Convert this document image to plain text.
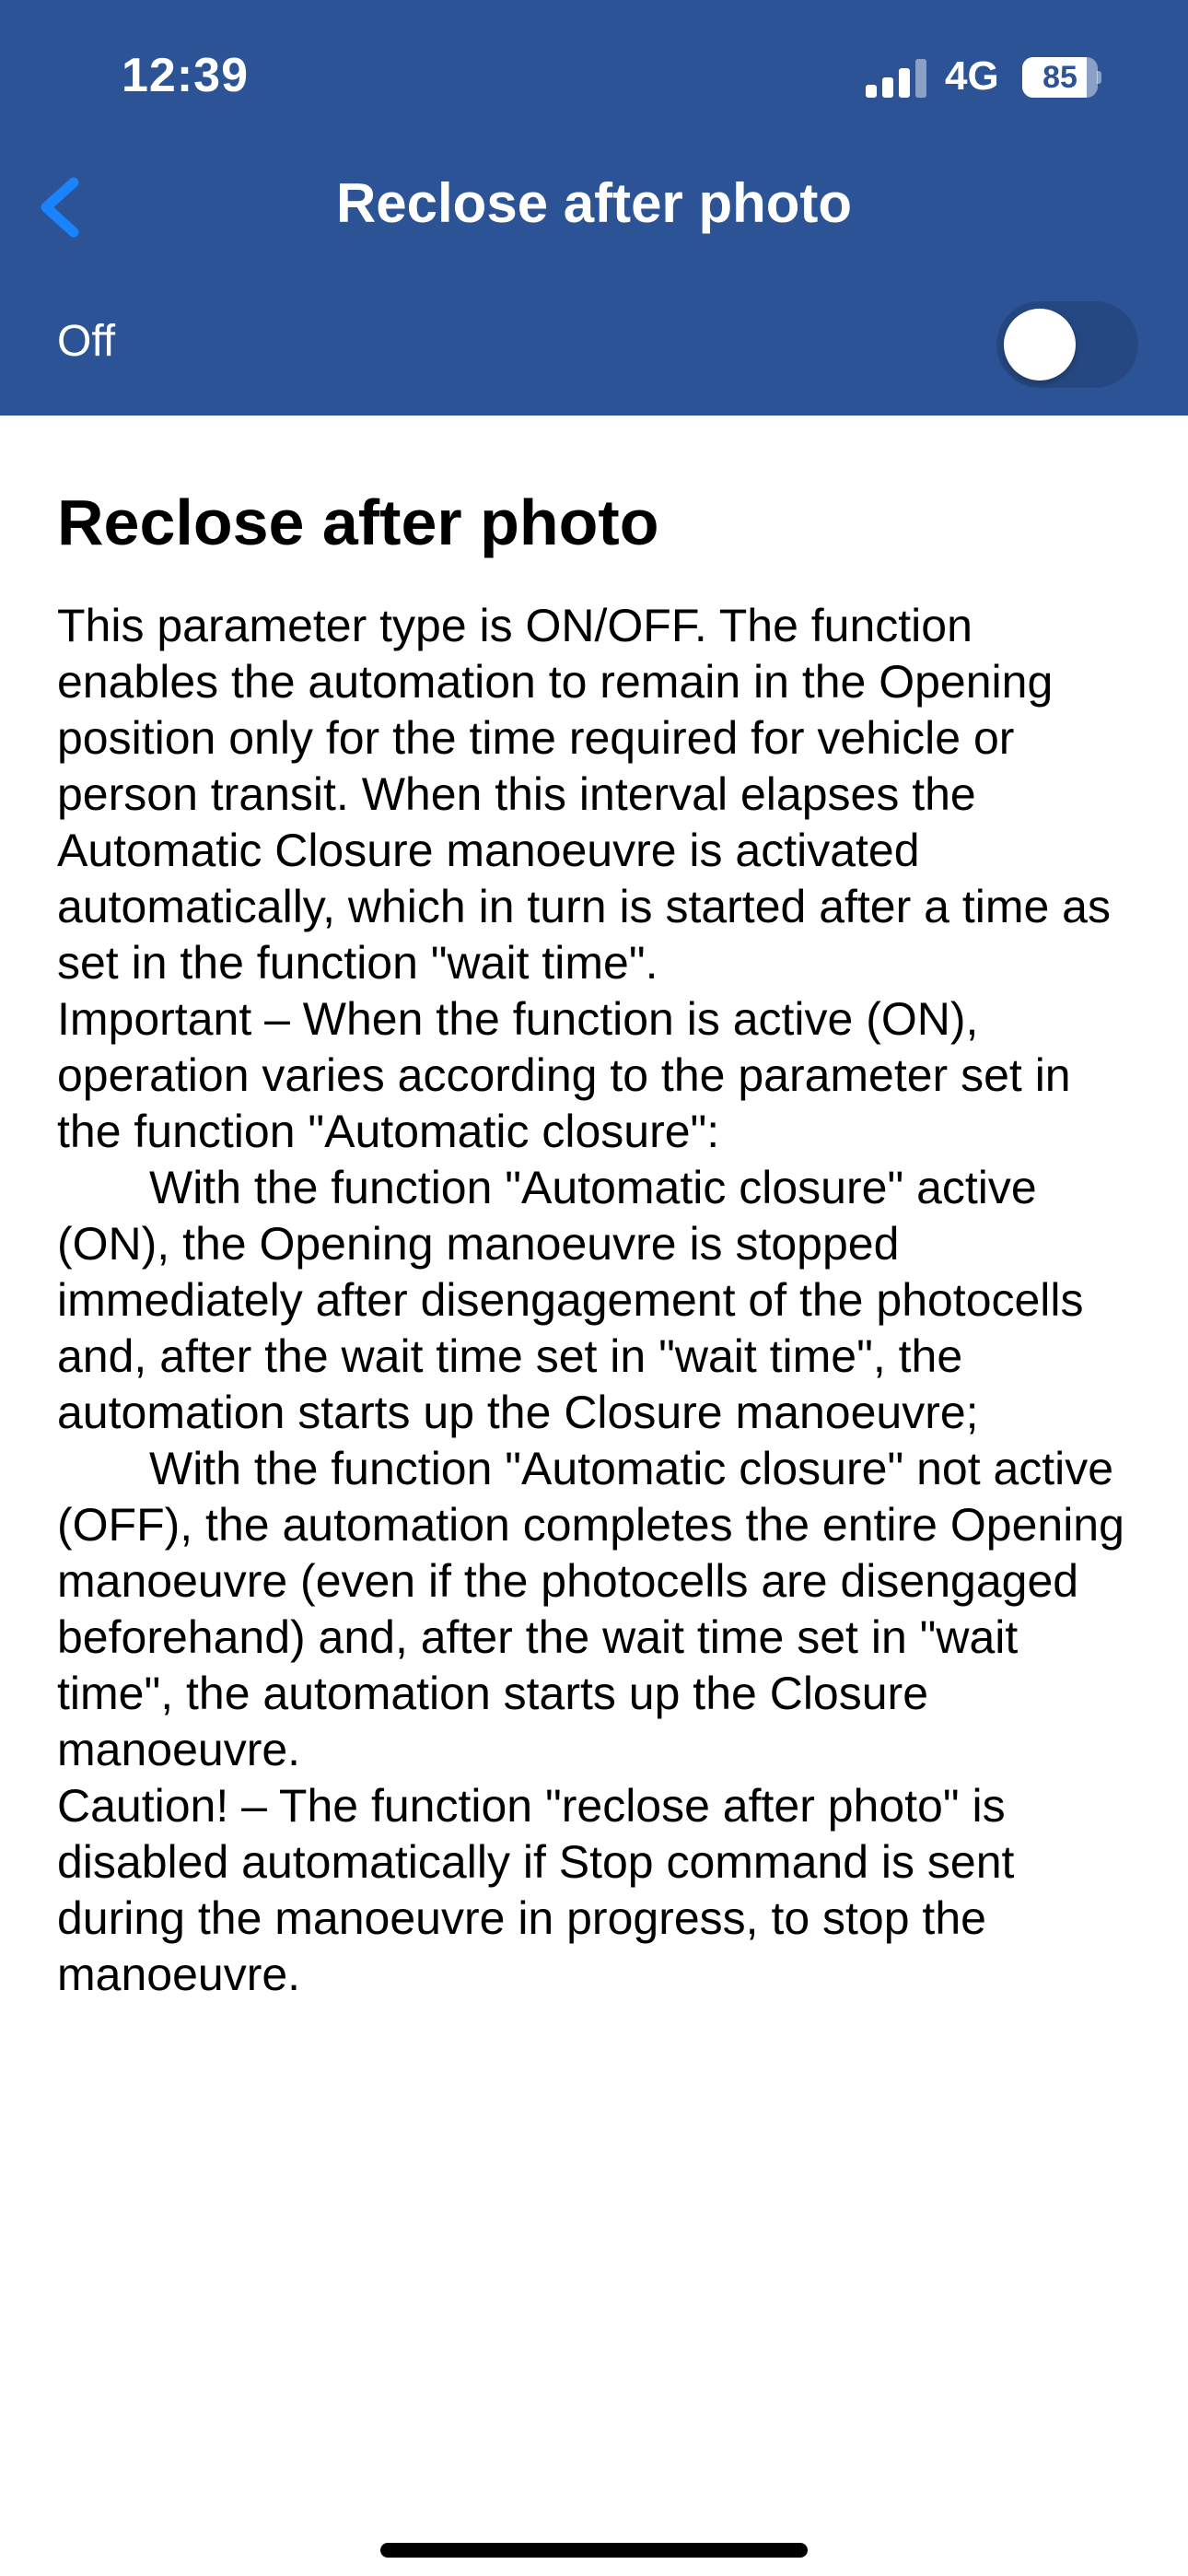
12:39	4G	85
Reclose after photo
Off
Reclose after photo
This parameter type is ON/OFF. The function enables the automation to remain in the Opening position only for the time required for vehicle or person transit. When this interval elapses the Automatic Closure manoeuvre is activated automatically, which in turn is started after a time as set in the function "wait time".
Important – When the function is active (ON), operation varies according to the parameter set in the function "Automatic closure":
  With the function "Automatic closure" active (ON), the Opening manoeuvre is stopped immediately after disengagement of the photocells and, after the wait time set in "wait time", the automation starts up the Closure manoeuvre;
  With the function "Automatic closure" not active (OFF), the automation completes the entire Opening manoeuvre (even if the photocells are disengaged beforehand) and, after the wait time set in "wait time", the automation starts up the Closure manoeuvre.
Caution! – The function "reclose after photo" is disabled automatically if Stop command is sent during the manoeuvre in progress, to stop the manoeuvre.
